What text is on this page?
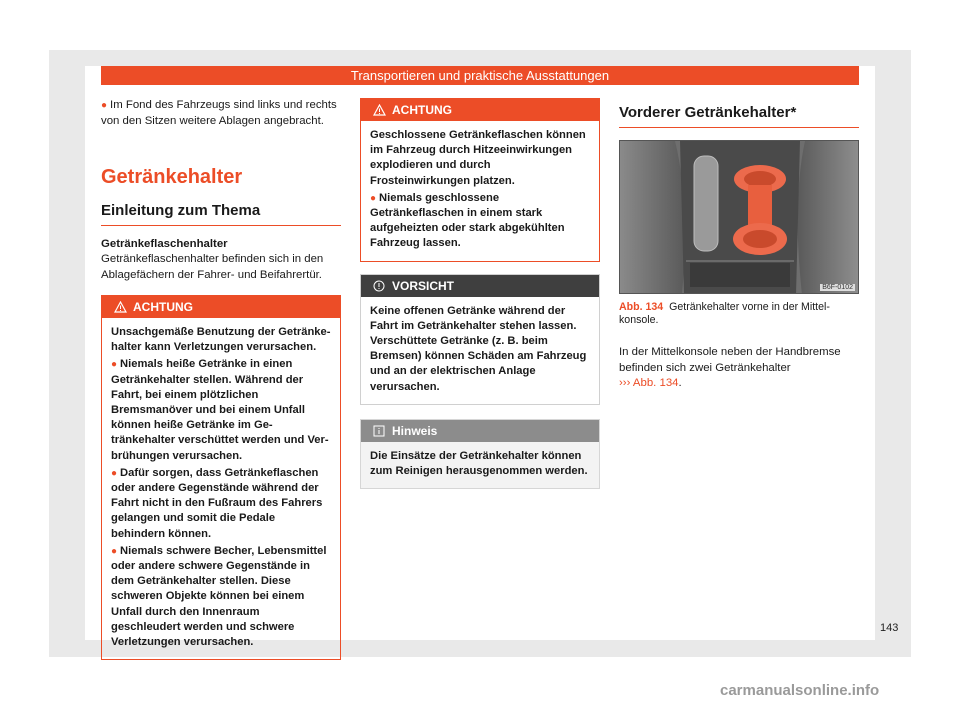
Transportieren und praktische Ausstattungen

● Im Fond des Fahrzeugs sind links und rechts von den Sitzen weitere Ablagen angebracht.

Getränkehalter
Einleitung zum Thema
Getränkeflaschenhalter

Getränkeflaschenhalter befinden sich in den Ablagefächern der Fahrer- und Beifahrertür.

ACHTUNG

Unsachgemäße Benutzung der Getränkehalter kann Verletzungen verursachen.

● Niemals heiße Getränke in einen Getränkehalter stellen. Während der Fahrt, bei einem plötzlichen Bremsmanöver und bei einem Unfall können heiße Getränke im Getränkehalter verschüttet werden und Verbrühungen verursachen.

● Dafür sorgen, dass Getränkeflaschen oder andere Gegenstände während der Fahrt nicht in den Fußraum des Fahrers gelangen und somit die Pedale behindern können.

● Niemals schwere Becher, Lebensmittel oder andere schwere Gegenstände in dem Getränkehalter stellen. Diese schweren Objekte können bei einem Unfall durch den Innenraum geschleudert werden und schwere Verletzungen verursachen.

ACHTUNG

Geschlossene Getränkeflaschen können im Fahrzeug durch Hitzeeinwirkungen explodieren und durch Frosteinwirkungen platzen.

● Niemals geschlossene Getränkeflaschen in einem stark aufgeheizten oder stark abgekühlten Fahrzeug lassen.

VORSICHT

Keine offenen Getränke während der Fahrt im Getränkehalter stehen lassen. Verschüttete Getränke (z. B. beim Bremsen) können Schäden am Fahrzeug und an der elektrischen Anlage verursachen.

Hinweis

Die Einsätze der Getränkehalter können zum Reinigen herausgenommen werden.

Vorderer Getränkehalter*
B6F-0102

Abb. 134 Getränkehalter vorne in der Mittelkonsole.

In der Mittelkonsole neben der Handbremse befinden sich zwei Getränkehalter
››› Abb. 134.

143
carmanualsonline.info
